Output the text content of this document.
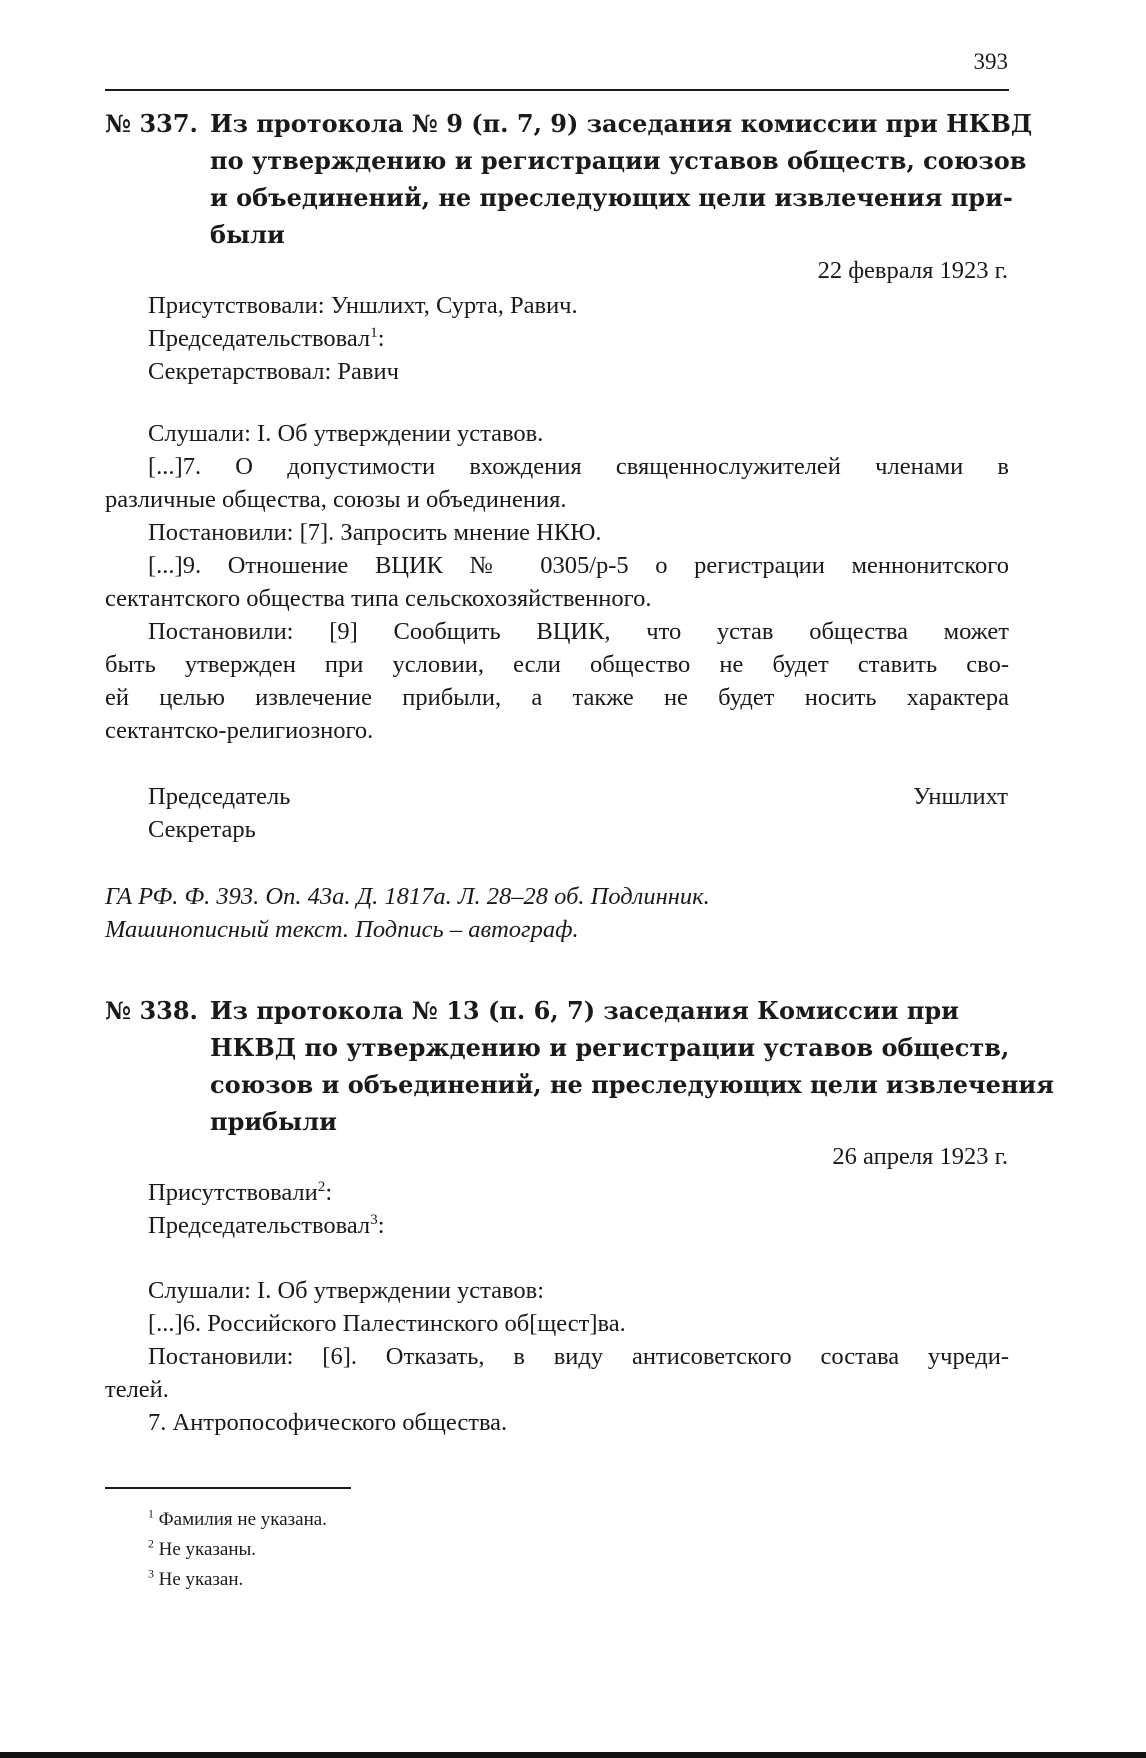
393
№ 337. Из протокола № 9 (п. 7, 9) заседания комиссии при НКВД
по утверждению и регистрации уставов обществ, союзов
и объединений, не преследующих цели извлечения при-
были
22 февраля 1923 г.
Присутствовали: Уншлихт, Сурта, Равич.
Председательствовал$^1$:
Секретарствовал: Равич
Слушали: I. Об утверждении уставов.
[...]7. О допустимости вхождения священнослужителей членами в
различные общества, союзы и объединения.
Постановили: [7]. Запросить мнение НКЮ.
[...]9. Отношение ВЦИК № 0305/р-5 о регистрации меннонитского
сектантского общества типа сельскохозяйственного.
Постановили: [9] Сообщить ВЦИК, что устав общества может
быть утвержден при условии, если общество не будет ставить сво-
ей целью извлечение прибыли, а также не будет носить характера
сектантско-религиозного.
Председатель	Уншлихт
Секретарь
ГА РФ. Ф. 393. Оп. 43а. Д. 1817а. Л. 28–28 об. Подлинник.
Машинописный текст. Подпись – автограф.
№ 338. Из протокола № 13 (п. 6, 7) заседания Комиссии при
НКВД по утверждению и регистрации уставов обществ,
союзов и объединений, не преследующих цели извлечения
прибыли
26 апреля 1923 г.
Присутствовали$^2$:
Председательствовал$^3$:
Слушали: I. Об утверждении уставов:
[...]6. Российского Палестинского об[щест]ва.
Постановили: [6]. Отказать, в виду антисоветского состава учреди-
телей.
7. Антропософического общества.
$^1$ Фамилия не указана.
$^2$ Не указаны.
$^3$ Не указан.
